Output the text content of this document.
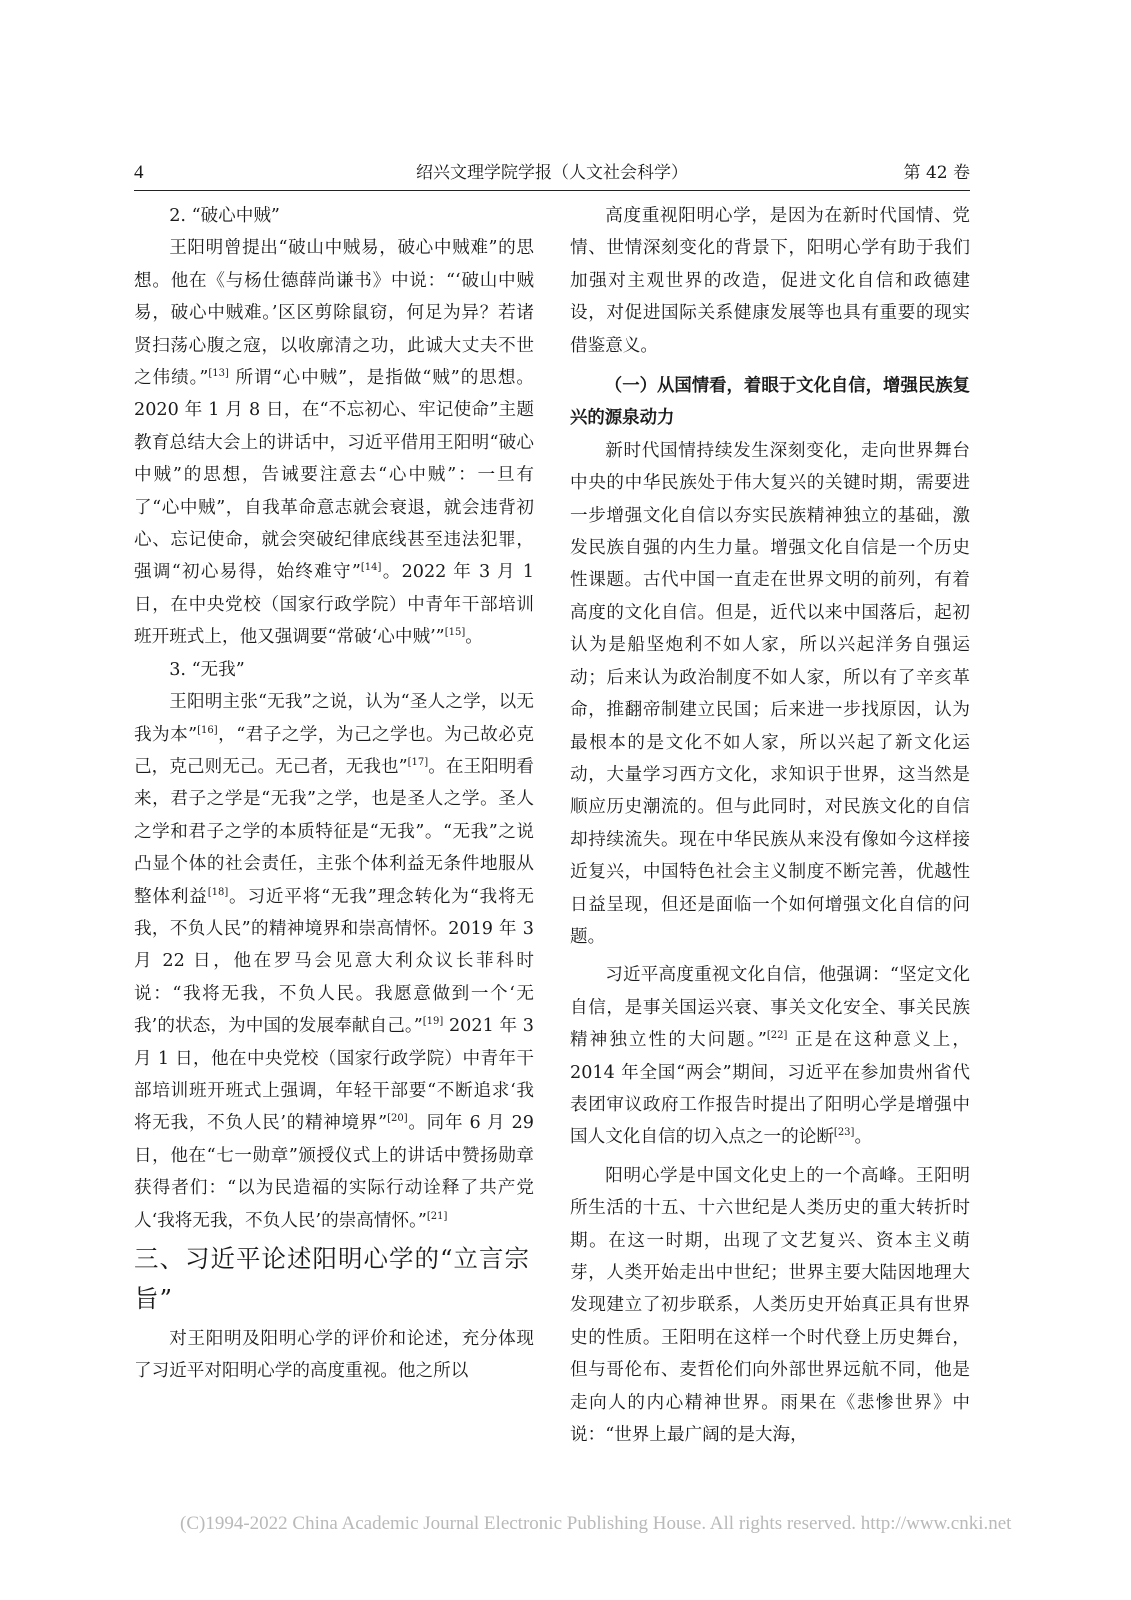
4	绍兴文理学院学报（人文社会科学）	第 42 卷

2. “破心中贼”

王阳明曾提出“破山中贼易，破心中贼难”的思想。他在《与杨仕德薛尚谦书》中说：“‘破山中贼易，破心中贼难。’区区剪除鼠窃，何足为异？若诸贤扫荡心腹之寇，以收廓清之功，此诚大丈夫不世之伟绩。”[13] 所谓“心中贼”，是指做“贼”的思想。2020 年 1 月 8 日，在“不忘初心、牢记使命”主题教育总结大会上的讲话中，习近平借用王阳明“破心中贼”的思想，告诫要注意去“心中贼”：一旦有了“心中贼”，自我革命意志就会衰退，就会违背初心、忘记使命，就会突破纪律底线甚至违法犯罪，强调“初心易得，始终难守”[14]。2022 年 3 月 1 日，在中央党校（国家行政学院）中青年干部培训班开班式上，他又强调要“常破‘心中贼’”[15]。

3. “无我”

王阳明主张“无我”之说，认为“圣人之学，以无我为本”[16]，“君子之学，为己之学也。为己故必克己，克己则无己。无己者，无我也”[17]。在王阳明看来，君子之学是“无我”之学，也是圣人之学。圣人之学和君子之学的本质特征是“无我”。“无我”之说凸显个体的社会责任，主张个体利益无条件地服从整体利益[18]。习近平将“无我”理念转化为“我将无我，不负人民”的精神境界和崇高情怀。2019 年 3 月 22 日，他在罗马会见意大利众议长菲科时说：“我将无我，不负人民。我愿意做到一个‘无我’的状态，为中国的发展奉献自己。”[19] 2021 年 3 月 1 日，他在中央党校（国家行政学院）中青年干部培训班开班式上强调，年轻干部要“不断追求‘我将无我，不负人民’的精神境界”[20]。同年 6 月 29 日，他在“七一勋章”颁授仪式上的讲话中赞扬勋章获得者们：“以为民造福的实际行动诠释了共产党人‘我将无我，不负人民’的崇高情怀。”[21]

三、习近平论述阳明心学的“立言宗旨”

对王阳明及阳明心学的评价和论述，充分体现了习近平对阳明心学的高度重视。他之所以

高度重视阳明心学，是因为在新时代国情、党情、世情深刻变化的背景下，阳明心学有助于我们加强对主观世界的改造，促进文化自信和政德建设，对促进国际关系健康发展等也具有重要的现实借鉴意义。

（一）从国情看，着眼于文化自信，增强民族复兴的源泉动力

新时代国情持续发生深刻变化，走向世界舞台中央的中华民族处于伟大复兴的关键时期，需要进一步增强文化自信以夯实民族精神独立的基础，激发民族自强的内生力量。增强文化自信是一个历史性课题。古代中国一直走在世界文明的前列，有着高度的文化自信。但是，近代以来中国落后，起初认为是船坚炮利不如人家，所以兴起洋务自强运动；后来认为政治制度不如人家，所以有了辛亥革命，推翻帝制建立民国；后来进一步找原因，认为最根本的是文化不如人家，所以兴起了新文化运动，大量学习西方文化，求知识于世界，这当然是顺应历史潮流的。但与此同时，对民族文化的自信却持续流失。现在中华民族从来没有像如今这样接近复兴，中国特色社会主义制度不断完善，优越性日益呈现，但还是面临一个如何增强文化自信的问题。

习近平高度重视文化自信，他强调：“坚定文化自信，是事关国运兴衰、事关文化安全、事关民族精神独立性的大问题。”[22] 正是在这种意义上，2014 年全国“两会”期间，习近平在参加贵州省代表团审议政府工作报告时提出了阳明心学是增强中国人文化自信的切入点之一的论断[23]。

阳明心学是中国文化史上的一个高峰。王阳明所生活的十五、十六世纪是人类历史的重大转折时期。在这一时期，出现了文艺复兴、资本主义萌芽，人类开始走出中世纪；世界主要大陆因地理大发现建立了初步联系，人类历史开始真正具有世界史的性质。王阳明在这样一个时代登上历史舞台，但与哥伦布、麦哲伦们向外部世界远航不同，他是走向人的内心精神世界。雨果在《悲惨世界》中说：“世界上最广阔的是大海，

(C)1994-2022 China Academic Journal Electronic Publishing House. All rights reserved. http://www.cnki.net
